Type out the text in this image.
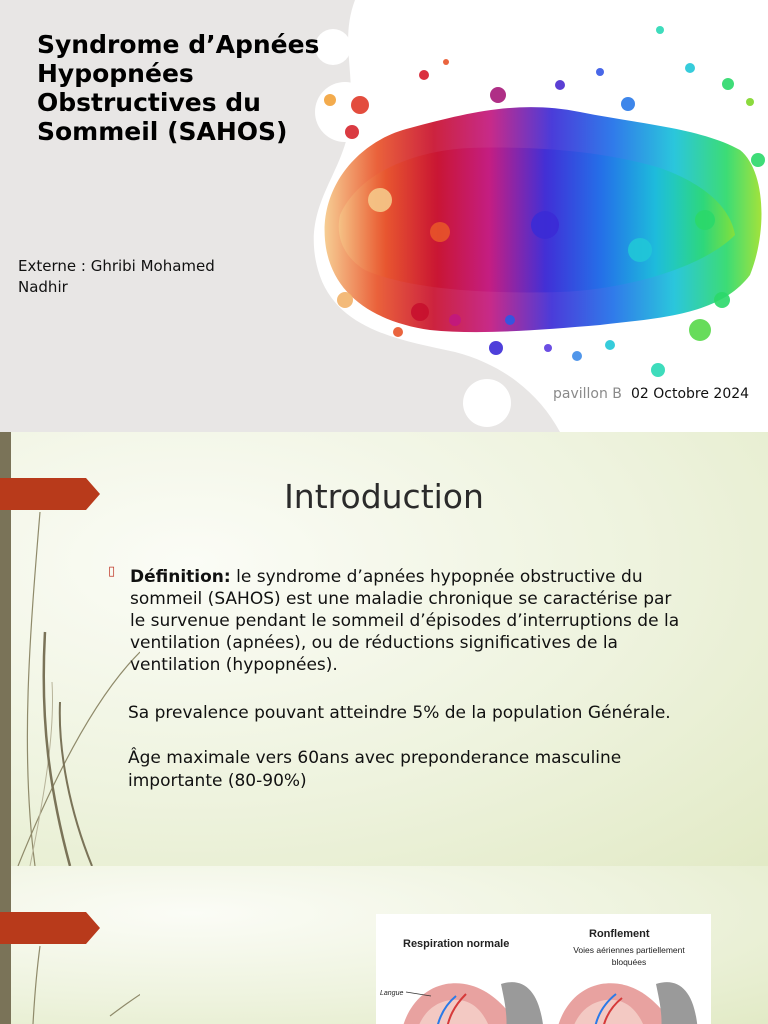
Syndrome d’Apnées Hypopnées Obstructives du Sommeil (SAHOS)
Externe : Ghribi Mohamed Nadhir
pavillon B 02 Octobre 2024
Introduction
▯ Définition: le syndrome d’apnées hypopnée obstructive du sommeil (SAHOS) est une maladie chronique se caractérise par le survenue pendant le sommeil d’épisodes d’interruptions de la ventilation (apnées), ou de réductions significatives de la ventilation (hypopnées).
Sa prevalence pouvant atteindre 5% de la population Générale.
Âge maximale vers 60ans avec preponderance masculine importante (80-90%)
Respiration normale
Ronflement
Voies aériennes partiellement bloquées
Langue
